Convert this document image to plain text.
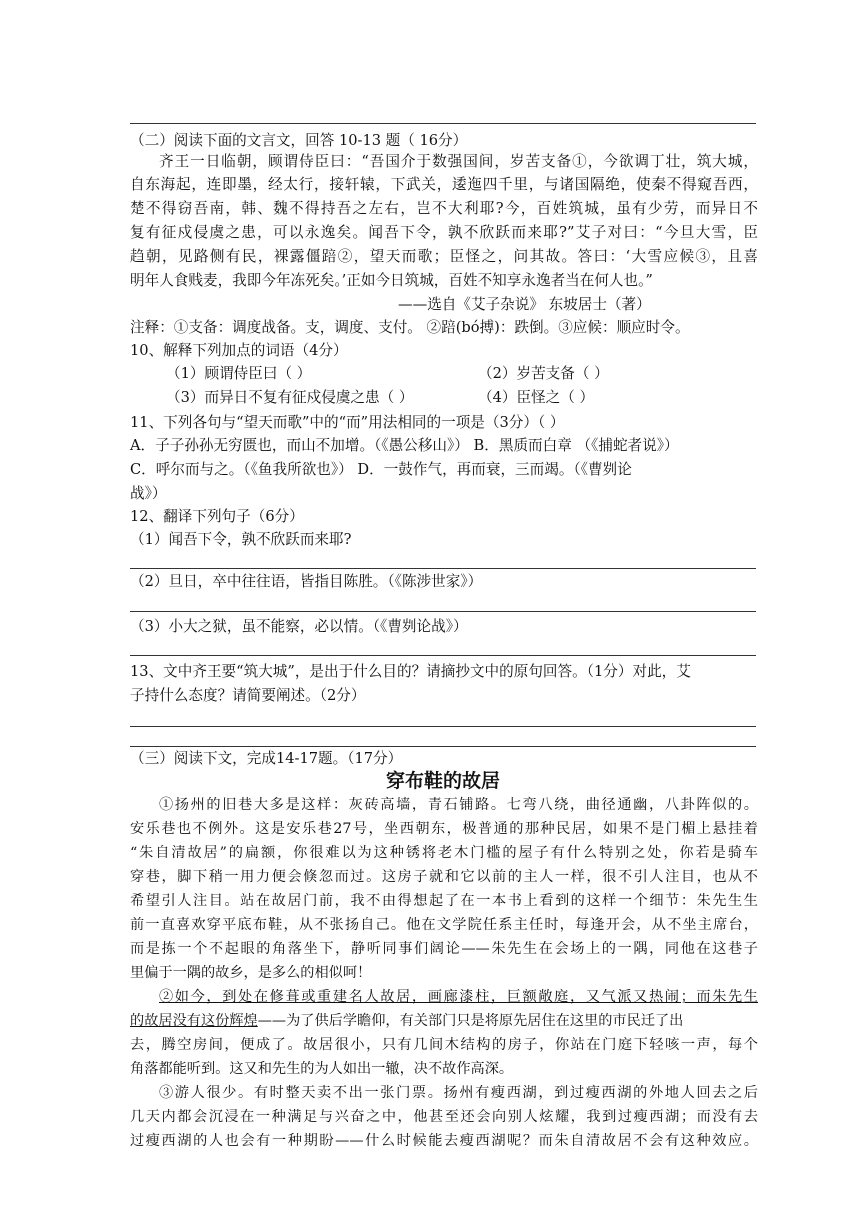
（二）阅读下面的文言文，回答 10-13 题（ 16分）
齐王一日临朝，顾谓侍臣曰：“吾国介于数强国间，岁苦支备①，今欲调丁壮，筑大城，
自东海起，连即墨，经太行，接轩辕，下武关，逶迤四千里，与诸国隔绝，使秦不得窥吾西，
楚不得窃吾南，韩、魏不得持吾之左右，岂不大利耶?今，百姓筑城，虽有少劳，而异日不
复有征戍侵虞之患，可以永逸矣。闻吾下令，孰不欣跃而来耶?”艾子对曰：“今旦大雪，臣
趋朝，见路侧有民，裸露僵踣②，望天而歌；臣怪之，问其故。答曰：‘大雪应候③，且喜
明年人食贱麦，我即今年冻死矣。’正如今日筑城，百姓不知享永逸者当在何人也。”
——选自《艾子杂说》 东坡居士（著）
注释：①支备：调度战备。支，调度、支付。 ②踣(bó搏)：跌倒。③应候：顺应时令。
10、解释下列加点的词语（4分）
（1）顾谓侍臣曰（ ）	（2）岁苦支备（ ）
（3）而异日不复有征戍侵虞之患（ ）	（4）臣怪之（ ）
11、下列各句与“望天而歌”中的“而”用法相同的一项是（3分）（ ）
A．子子孙孙无穷匮也，而山不加增。（《愚公移山》） B．黑质而白章 （《捕蛇者说》）
C．呼尔而与之。（《鱼我所欲也》） D．一鼓作气，再而衰，三而竭。（《曹刿论
战》）
12、翻译下列句子（6分）
（1）闻吾下令，孰不欣跃而来耶?
（2）旦日，卒中往往语，皆指目陈胜。（《陈涉世家》）
（3）小大之狱，虽不能察，必以情。（《曹刿论战》）
13、文中齐王要“筑大城”，是出于什么目的？请摘抄文中的原句回答。（1分）对此，艾
子持什么态度？请简要阐述。（2分）
（三）阅读下文，完成14-17题。（17分）
穿布鞋的故居
①扬州的旧巷大多是这样：灰砖高墙，青石铺路。七弯八绕，曲径通幽，八卦阵似的。
安乐巷也不例外。这是安乐巷27号，坐西朝东，极普通的那种民居，如果不是门楣上悬挂着
“朱自清故居”的扁额，你很难以为这种锈将老木门槛的屋子有什么特别之处，你若是骑车
穿巷，脚下稍一用力便会倏忽而过。这房子就和它以前的主人一样，很不引人注目，也从不
希望引人注目。站在故居门前，我不由得想起了在一本书上看到的这样一个细节：朱先生生
前一直喜欢穿平底布鞋，从不张扬自己。他在文学院任系主任时，每逢开会，从不坐主席台，
而是拣一个不起眼的角落坐下，静听同事们阔论——朱先生在会场上的一隅，同他在这巷子
里偏于一隅的故乡，是多么的相似呵！
②如今，到处在修葺或重建名人故居，画廊漆柱，巨额敞庭，又气派又热闹；而朱先生
的故居没有这份辉煌——为了供后学瞻仰，有关部门只是将原先居住在这里的市民迁了出
去，腾空房间，便成了。故居很小，只有几间木结构的房子，你站在门庭下轻咳一声，每个
角落都能听到。这又和先生的为人如出一辙，决不故作高深。
③游人很少。有时整天卖不出一张门票。扬州有瘦西湖，到过瘦西湖的外地人回去之后
几天内都会沉浸在一种满足与兴奋之中，他甚至还会向别人炫耀，我到过瘦西湖；而没有去
过瘦西湖的人也会有一种期盼——什么时候能去瘦西湖呢？而朱自清故居不会有这种效应。
